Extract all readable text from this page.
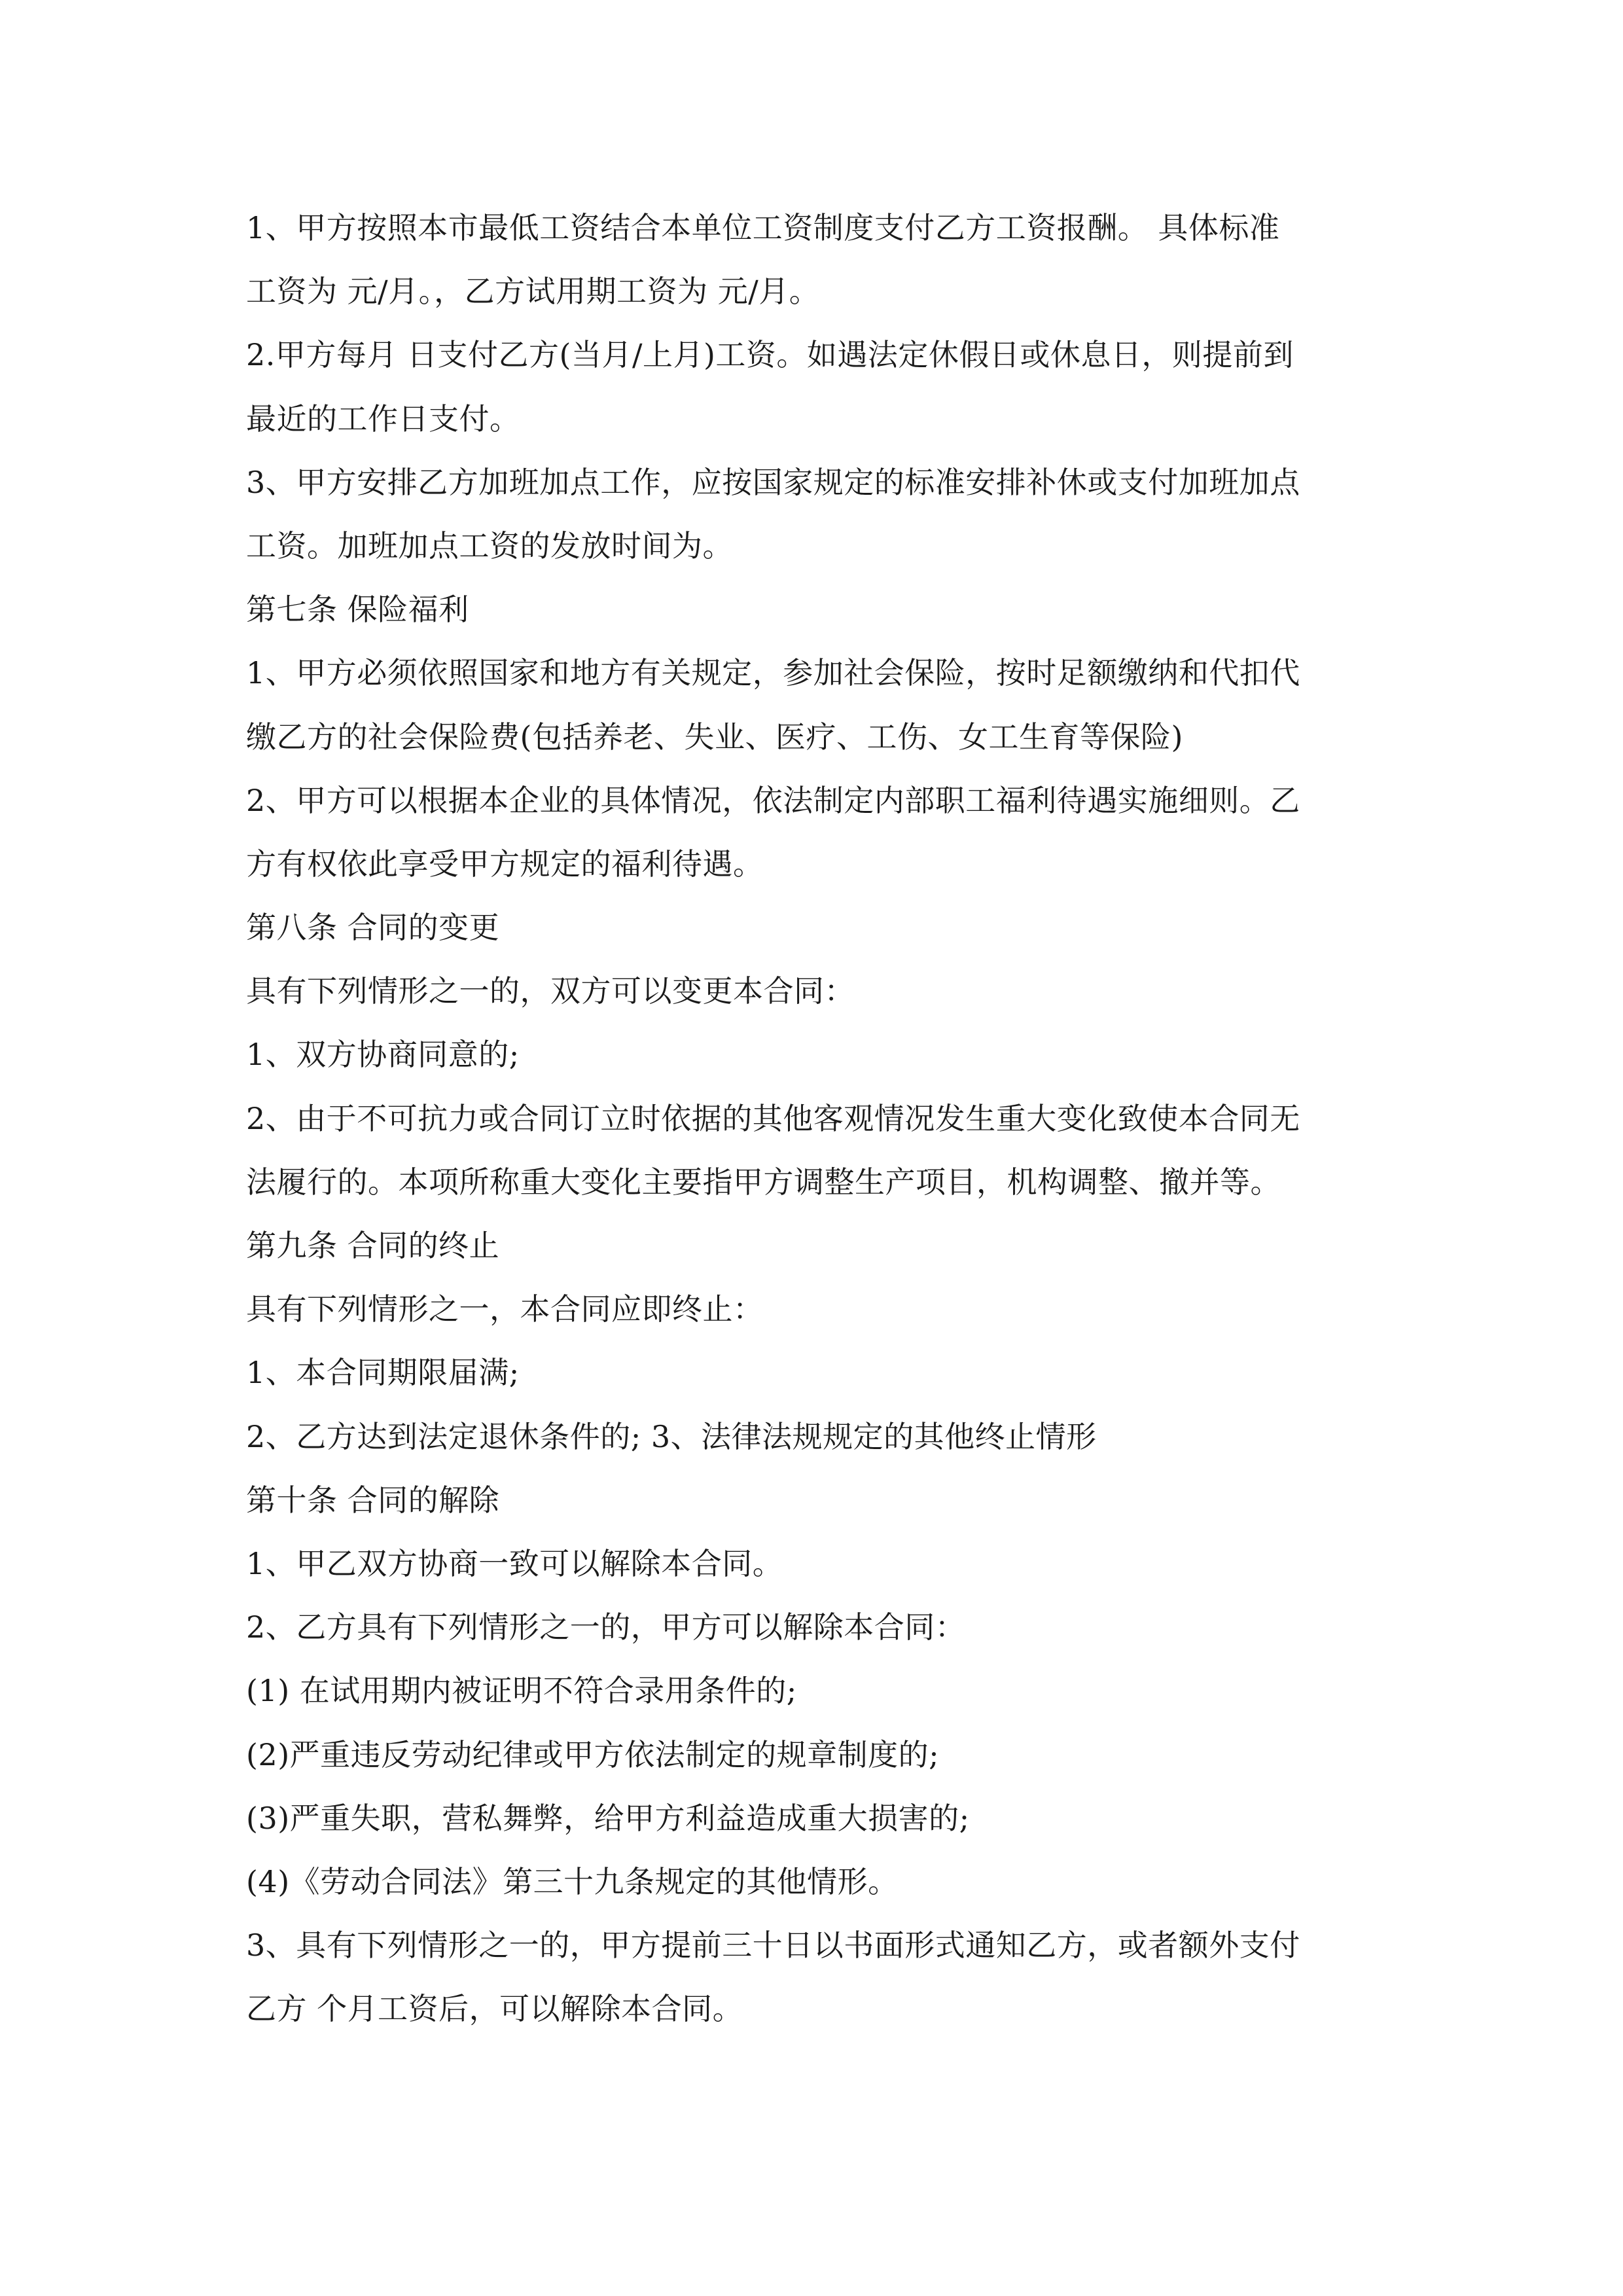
1、甲方按照本市最低工资结合本单位工资制度支付乙方工资报酬。 具体标准
工资为 元/月。，乙方试用期工资为 元/月。
2.甲方每月 日支付乙方(当月/上月)工资。如遇法定休假日或休息日，则提前到
最近的工作日支付。
3、甲方安排乙方加班加点工作，应按国家规定的标准安排补休或支付加班加点
工资。加班加点工资的发放时间为。
第七条 保险福利
1、甲方必须依照国家和地方有关规定，参加社会保险，按时足额缴纳和代扣代
缴乙方的社会保险费(包括养老、失业、医疗、工伤、女工生育等保险)
2、甲方可以根据本企业的具体情况，依法制定内部职工福利待遇实施细则。乙
方有权依此享受甲方规定的福利待遇。
第八条 合同的变更
具有下列情形之一的，双方可以变更本合同：
1、双方协商同意的;
2、由于不可抗力或合同订立时依据的其他客观情况发生重大变化致使本合同无
法履行的。本项所称重大变化主要指甲方调整生产项目，机构调整、撤并等。
第九条 合同的终止
具有下列情形之一，本合同应即终止：
1、本合同期限届满;
2、乙方达到法定退休条件的; 3、法律法规规定的其他终止情形
第十条 合同的解除
1、甲乙双方协商一致可以解除本合同。
2、乙方具有下列情形之一的，甲方可以解除本合同：
(1) 在试用期内被证明不符合录用条件的;
(2)严重违反劳动纪律或甲方依法制定的规章制度的;
(3)严重失职，营私舞弊，给甲方利益造成重大损害的;
(4)《劳动合同法》第三十九条规定的其他情形。
3、具有下列情形之一的，甲方提前三十日以书面形式通知乙方，或者额外支付
乙方 个月工资后，可以解除本合同。
